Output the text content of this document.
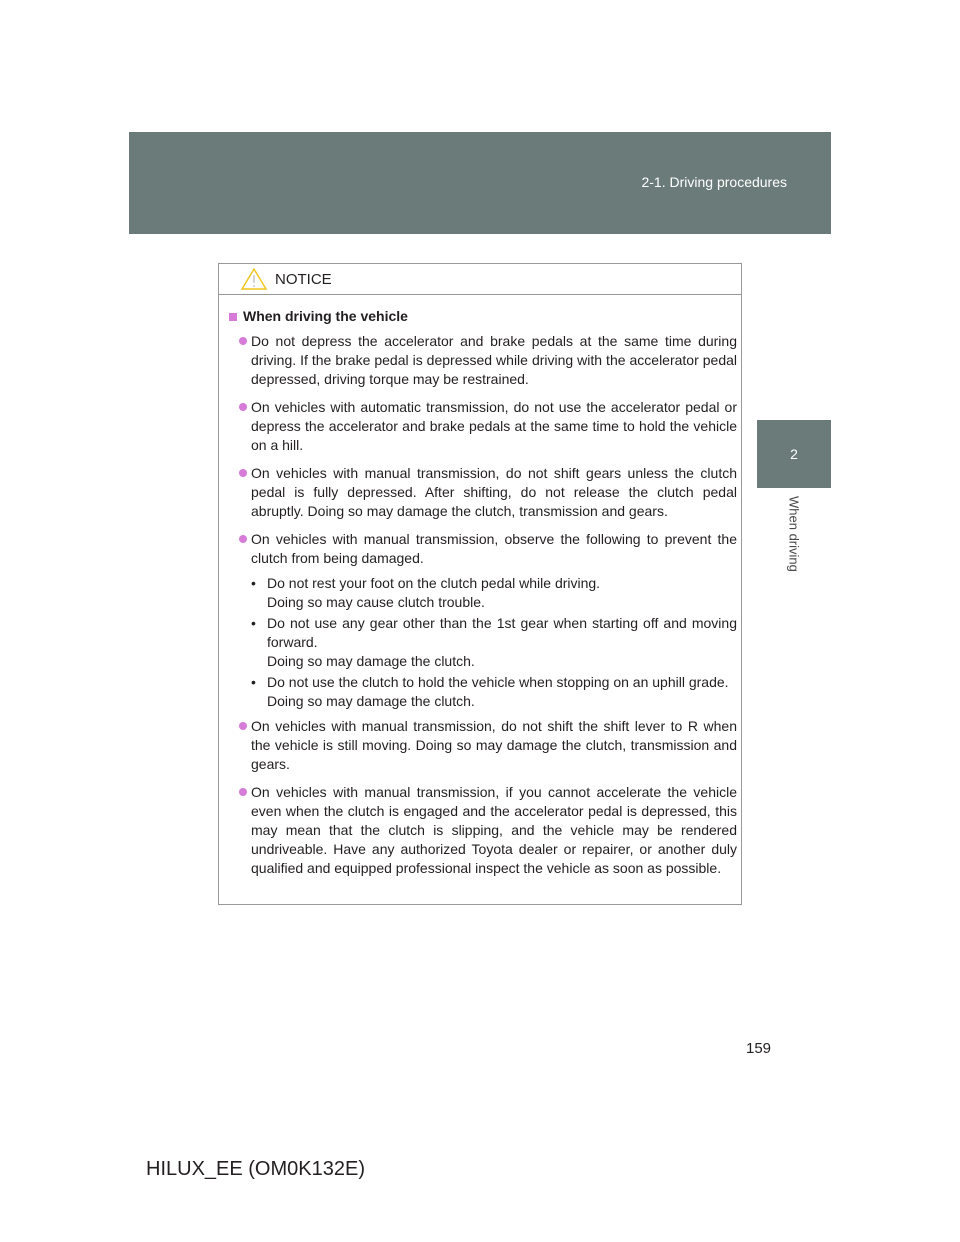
2-1. Driving procedures
2
When driving
NOTICE
When driving the vehicle
Do not depress the accelerator and brake pedals at the same time during driving. If the brake pedal is depressed while driving with the accelerator pedal depressed, driving torque may be restrained.
On vehicles with automatic transmission, do not use the accelerator pedal or depress the accelerator and brake pedals at the same time to hold the vehicle on a hill.
On vehicles with manual transmission, do not shift gears unless the clutch pedal is fully depressed. After shifting, do not release the clutch pedal abruptly. Doing so may damage the clutch, transmission and gears.
On vehicles with manual transmission, observe the following to prevent the clutch from being damaged.
• Do not rest your foot on the clutch pedal while driving.
Doing so may cause clutch trouble.
• Do not use any gear other than the 1st gear when starting off and moving forward.
Doing so may damage the clutch.
• Do not use the clutch to hold the vehicle when stopping on an uphill grade.
Doing so may damage the clutch.
On vehicles with manual transmission, do not shift the shift lever to R when the vehicle is still moving. Doing so may damage the clutch, transmission and gears.
On vehicles with manual transmission, if you cannot accelerate the vehicle even when the clutch is engaged and the accelerator pedal is depressed, this may mean that the clutch is slipping, and the vehicle may be rendered undriveable. Have any authorized Toyota dealer or repairer, or another duly qualified and equipped professional inspect the vehicle as soon as possible.
159
HILUX_EE (OM0K132E)
